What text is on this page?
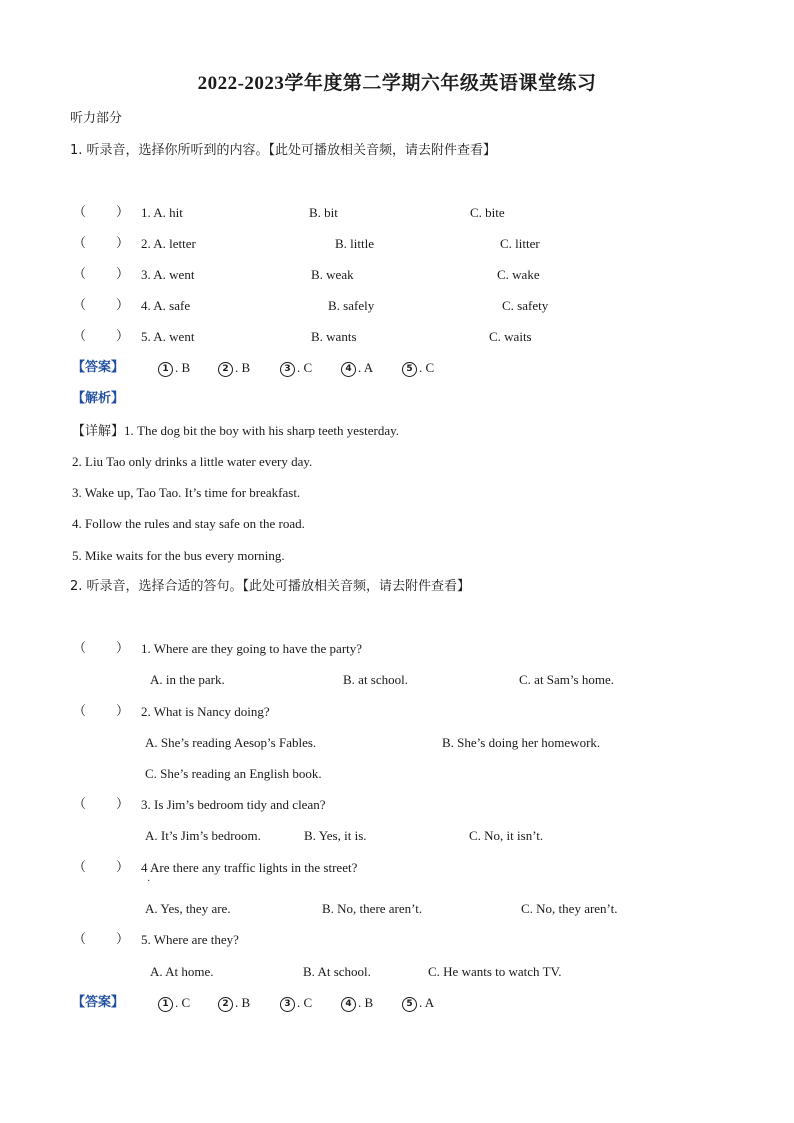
2022-2023学年度第二学期六年级英语课堂练习
听力部分
1. 听录音，选择你所听到的内容。【此处可播放相关音频，请去附件查看】
（ ） 1. A. hit	B. bit	C. bite
（ ） 2. A. letter	B. little	C. litter
（ ） 3. A. went	B. weak	C. wake
（ ） 4. A. safe	B. safely	C. safety
（ ） 5. A. went	B. wants	C. waits
【答案】	1 . B	2 . B	3 . C	4 . A	5 . C
【解析】
【详解】1. The dog bit the boy with his sharp teeth yesterday.
2. Liu Tao only drinks a little water every day.
3. Wake up, Tao Tao. It’s time for breakfast.
4. Follow the rules and stay safe on the road.
5. Mike waits for the bus every morning.
2. 听录音，选择合适的答句。【此处可播放相关音频，请去附件查看】
（ ） 1. Where are they going to have the party?
A. in the park.	B. at school.	C. at Sam’s home.
（ ） 2. What is Nancy doing?
A. She’s reading Aesop’s Fables.	B. She’s doing her homework.
C. She’s reading an English book.
（ ） 3. Is Jim’s bedroom tidy and clean?
A. It’s Jim’s bedroom.	B. Yes, it is.	C. No, it isn’t.
（ ） 4 Are there any traffic lights in the street?
·
A. Yes, they are.	B. No, there aren’t.	C. No, they aren’t.
（ ） 5. Where are they?
A. At home.	B. At school.	C. He wants to watch TV.
【答案】	1 . C	2 . B	3 . C	4 . B	5 . A
